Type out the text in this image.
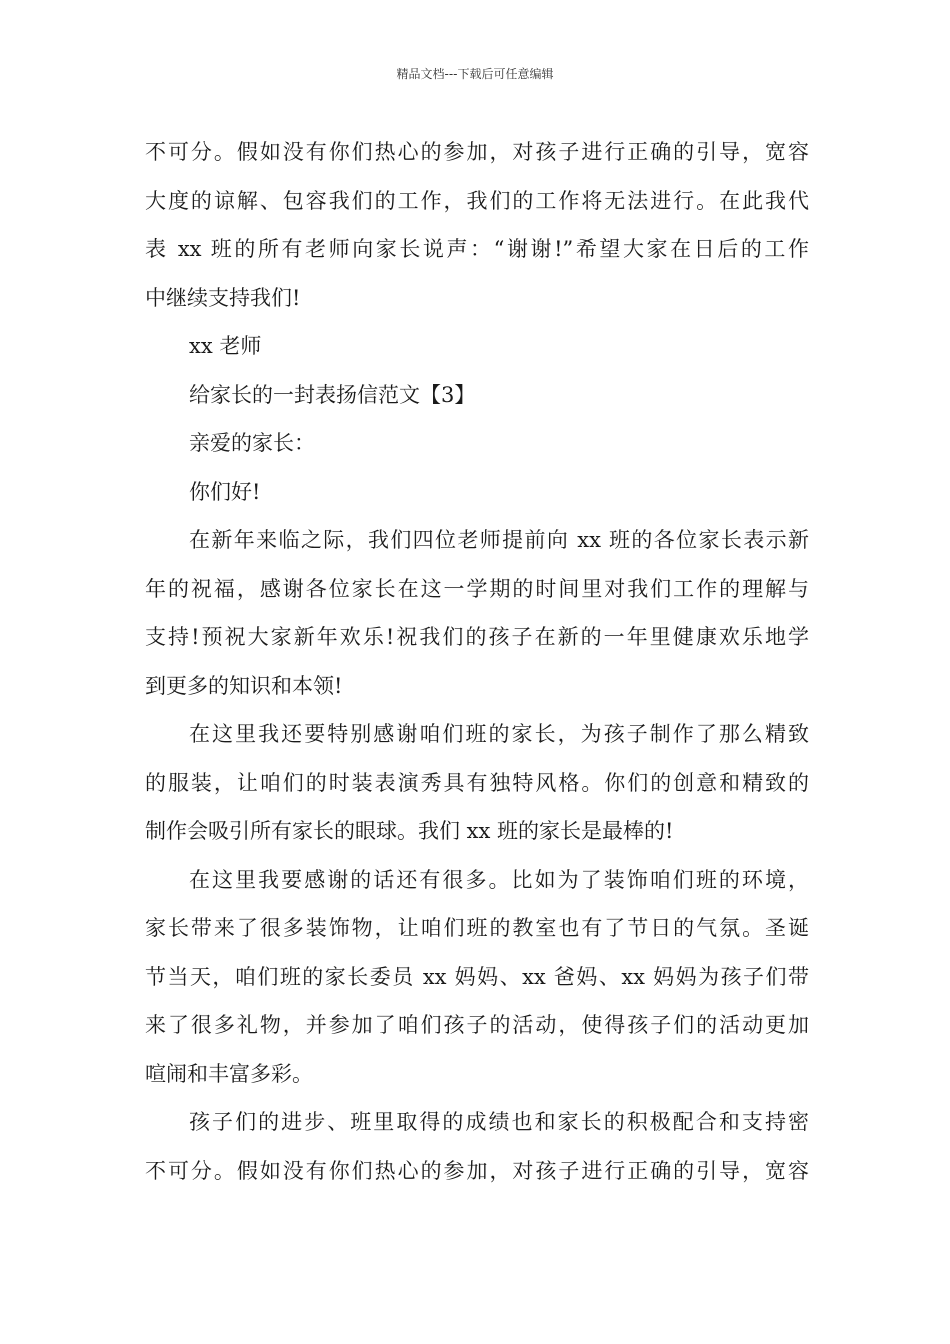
精品文档---下载后可任意编辑
不可分。假如没有你们热心的参加，对孩子进行正确的引导，宽容
大度的谅解、包容我们的工作，我们的工作将无法进行。在此我代
表 xx 班的所有老师向家长说声：“谢谢!”希望大家在日后的工作
中继续支持我们!
xx 老师
给家长的一封表扬信范文【3】
亲爱的家长：
你们好!
在新年来临之际，我们四位老师提前向 xx 班的各位家长表示新
年的祝福，感谢各位家长在这一学期的时间里对我们工作的理解与
支持!预祝大家新年欢乐!祝我们的孩子在新的一年里健康欢乐地学
到更多的知识和本领!
在这里我还要特别感谢咱们班的家长，为孩子制作了那么精致
的服装，让咱们的时装表演秀具有独特风格。你们的创意和精致的
制作会吸引所有家长的眼球。我们 xx 班的家长是最棒的!
在这里我要感谢的话还有很多。比如为了装饰咱们班的环境，
家长带来了很多装饰物，让咱们班的教室也有了节日的气氛。圣诞
节当天，咱们班的家长委员 xx 妈妈、xx 爸妈、xx 妈妈为孩子们带
来了很多礼物，并参加了咱们孩子的活动，使得孩子们的活动更加
喧闹和丰富多彩。
孩子们的进步、班里取得的成绩也和家长的积极配合和支持密
不可分。假如没有你们热心的参加，对孩子进行正确的引导，宽容
